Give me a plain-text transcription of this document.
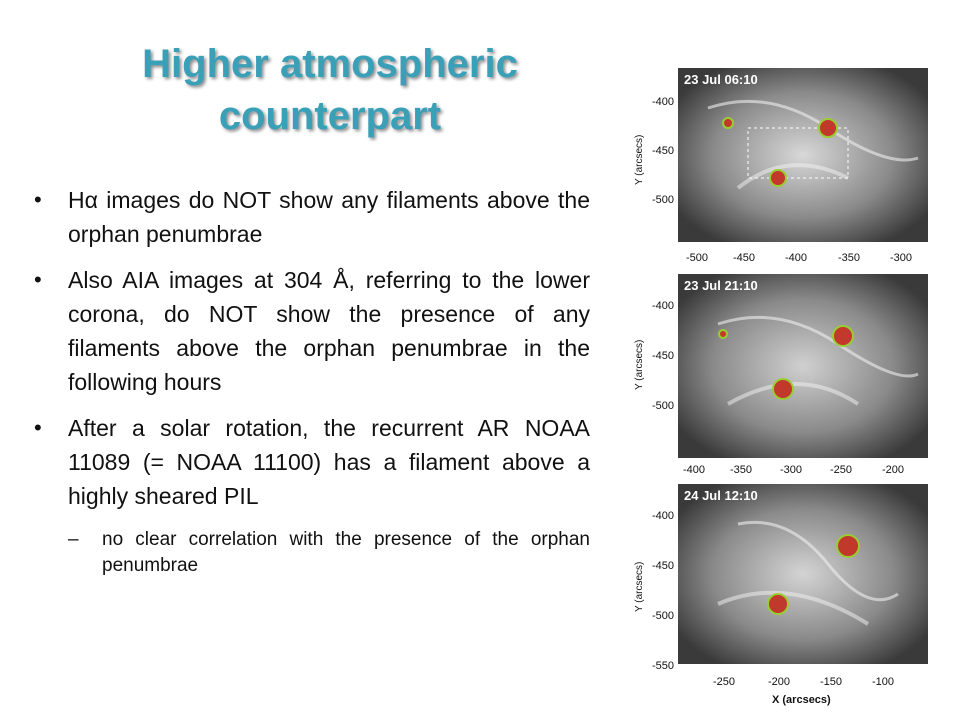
Higher atmospheric counterpart
• Hα images do NOT show any filaments above the orphan penumbrae
• Also AIA images at 304 Å, referring to the lower corona, do NOT show the presence of any filaments above the orphan penumbrae in the following hours
• After a solar rotation, the recurrent AR NOAA 11089 (= NOAA 11100) has a filament above a highly sheared PIL
– no clear correlation with the presence of the orphan penumbrae
Y (arcsecs)
-400
-450
-500
23 Jul 06:10
-500 -450	-400	-350	-300
Y (arcsecs)
-400
-450
-500
23 Jul 21:10
-400 -350	-300	-250	-200
Y (arcsecs)
-400
-450
-500
-550
24 Jul 12:10
-250	-200	-150	-100
X (arcsecs)
